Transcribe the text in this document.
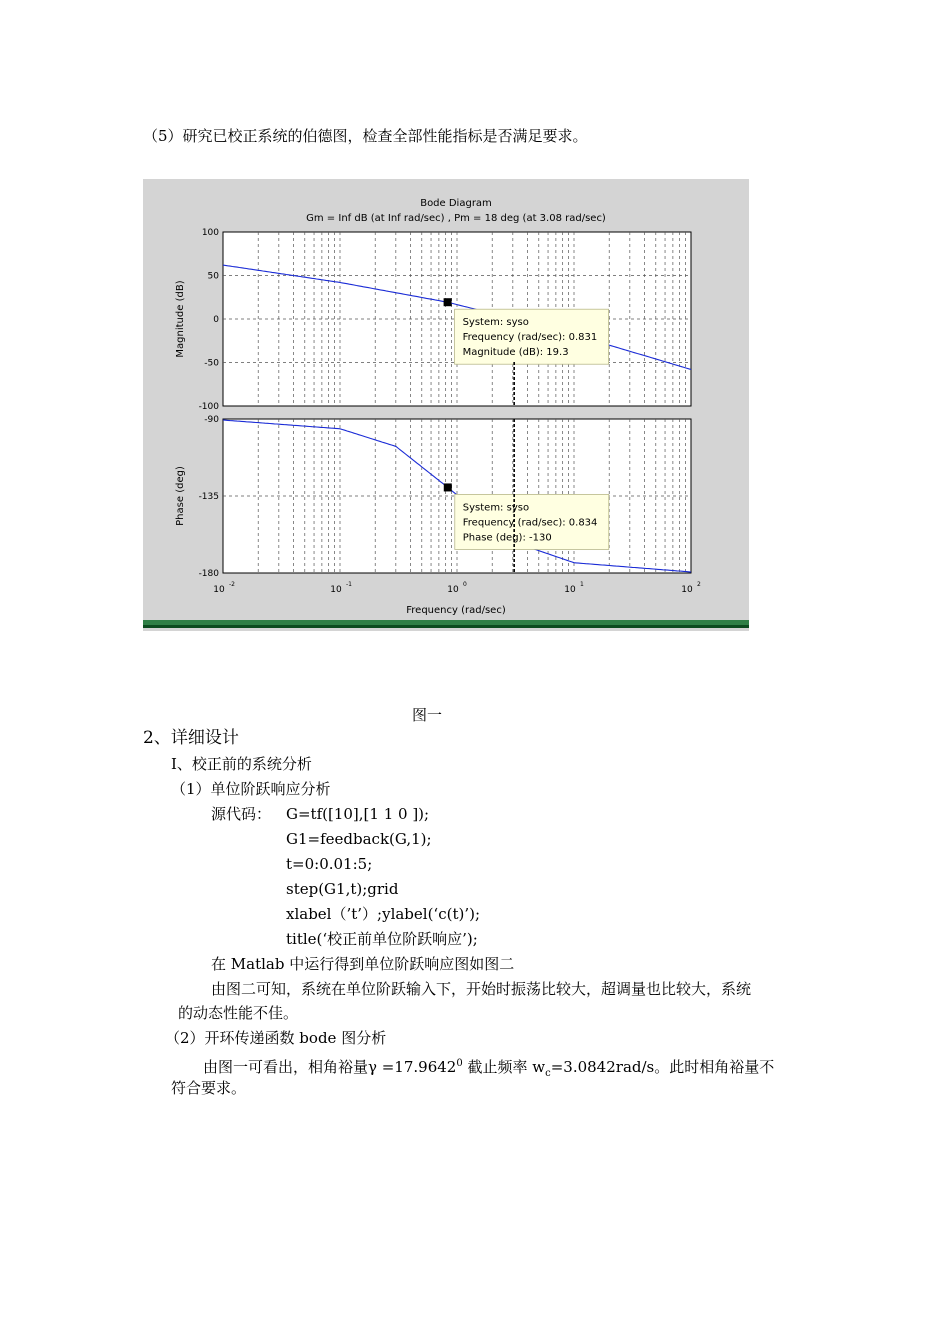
（5）研究已校正系统的伯德图，检查全部性能指标是否满足要求。
Bode Diagram
Gm = Inf dB (at Inf rad/sec) , Pm = 18 deg (at 3.08 rad/sec)
100
50
0
-50
-100
System: syso
Frequency (rad/sec): 0.831
Magnitude (dB): 19.3
-90
-135
-180
System: syso
Frequency (rad/sec): 0.834
Phase (deg): -130
10
-2
10
-1
10
0
10
1
10
2
Frequency (rad/sec)
Magnitude (dB)
Phase (deg)
图一
2、详细设计
Ⅰ、校正前的系统分析
（1）单位阶跃响应分析
源代码： G=tf([10],[1 1 0 ]);
G1=feedback(G,1);
t=0:0.01:5;
step(G1,t);grid
xlabel（’t’）;ylabel(‘c(t)’);
title(‘校正前单位阶跃响应’);
在 Matlab 中运行得到单位阶跃响应图如图二
由图二可知，系统在单位阶跃输入下，开始时振荡比较大，超调量也比较大，系统
的动态性能不佳。
（2）开环传递函数 bode 图分析
由图一可看出，相角裕量$\gamma =17.9642^0$ 截止频率 $w_c=3.0842rad/s$。此时相角裕量不
符合要求。
